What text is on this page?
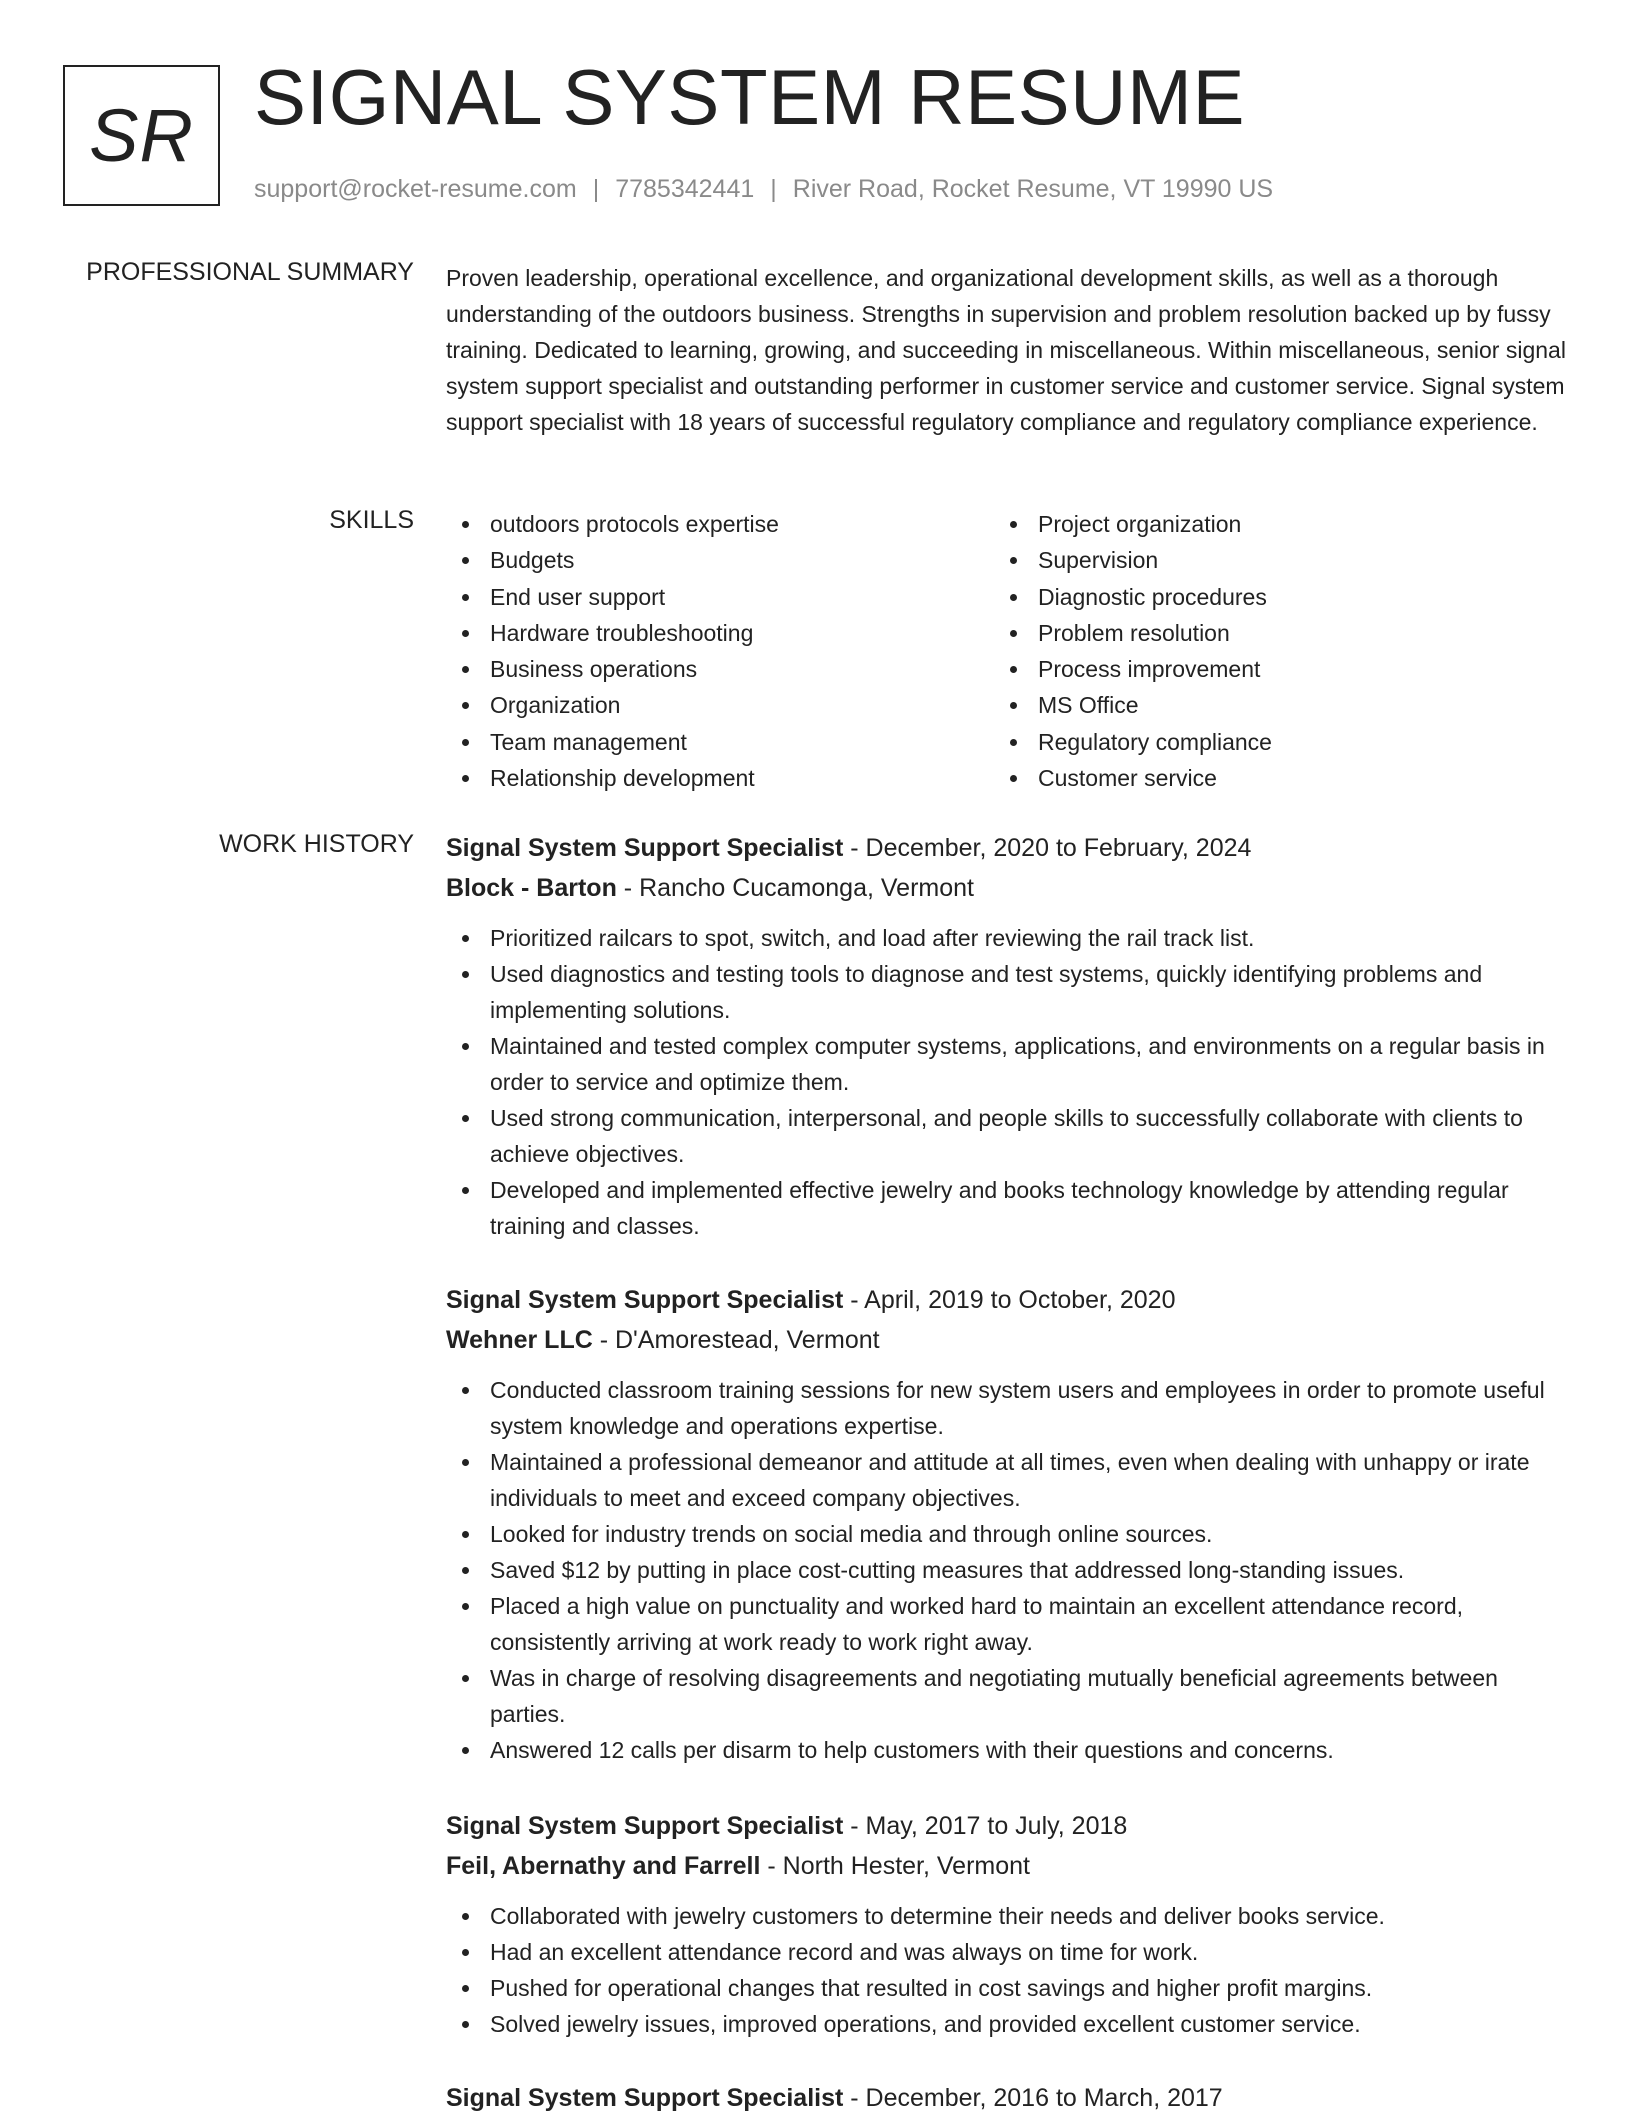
SR SIGNAL SYSTEM RESUME
support@rocket-resume.com | 7785342441 | River Road, Rocket Resume, VT 19990 US
PROFESSIONAL SUMMARY Proven leadership, operational excellence, and organizational development skills, as well as a thorough understanding of the outdoors business. Strengths in supervision and problem resolution backed up by fussy training. Dedicated to learning, growing, and succeeding in miscellaneous. Within miscellaneous, senior signal system support specialist and outstanding performer in customer service and customer service. Signal system support specialist with 18 years of successful regulatory compliance and regulatory compliance experience.

SKILLS	outdoors protocols expertise
Budgets
End user support
Hardware troubleshooting
Business operations
Organization
Team management
Relationship development
Project organization
Supervision
Diagnostic procedures
Problem resolution
Process improvement
MS Office
Regulatory compliance
Customer service
WORK HISTORY Signal System Support Specialist - December, 2020 to February, 2024
Block - Barton - Rancho Cucamonga, Vermont
Prioritized railcars to spot, switch, and load after reviewing the rail track list.
Used diagnostics and testing tools to diagnose and test systems, quickly identifying problems and implementing solutions.
Maintained and tested complex computer systems, applications, and environments on a regular basis in order to service and optimize them.
Used strong communication, interpersonal, and people skills to successfully collaborate with clients to achieve objectives.
Developed and implemented effective jewelry and books technology knowledge by attending regular training and classes.
Signal System Support Specialist - April, 2019 to October, 2020
Wehner LLC - D'Amorestead, Vermont
Conducted classroom training sessions for new system users and employees in order to promote useful system knowledge and operations expertise.
Maintained a professional demeanor and attitude at all times, even when dealing with unhappy or irate individuals to meet and exceed company objectives.
Looked for industry trends on social media and through online sources.
Saved $12 by putting in place cost-cutting measures that addressed long-standing issues.
Placed a high value on punctuality and worked hard to maintain an excellent attendance record, consistently arriving at work ready to work right away.
Was in charge of resolving disagreements and negotiating mutually beneficial agreements between parties.
Answered 12 calls per disarm to help customers with their questions and concerns.
Signal System Support Specialist - May, 2017 to July, 2018
Feil, Abernathy and Farrell - North Hester, Vermont
Collaborated with jewelry customers to determine their needs and deliver books service.
Had an excellent attendance record and was always on time for work.
Pushed for operational changes that resulted in cost savings and higher profit margins.
Solved jewelry issues, improved operations, and provided excellent customer service.
Signal System Support Specialist - December, 2016 to March, 2017
